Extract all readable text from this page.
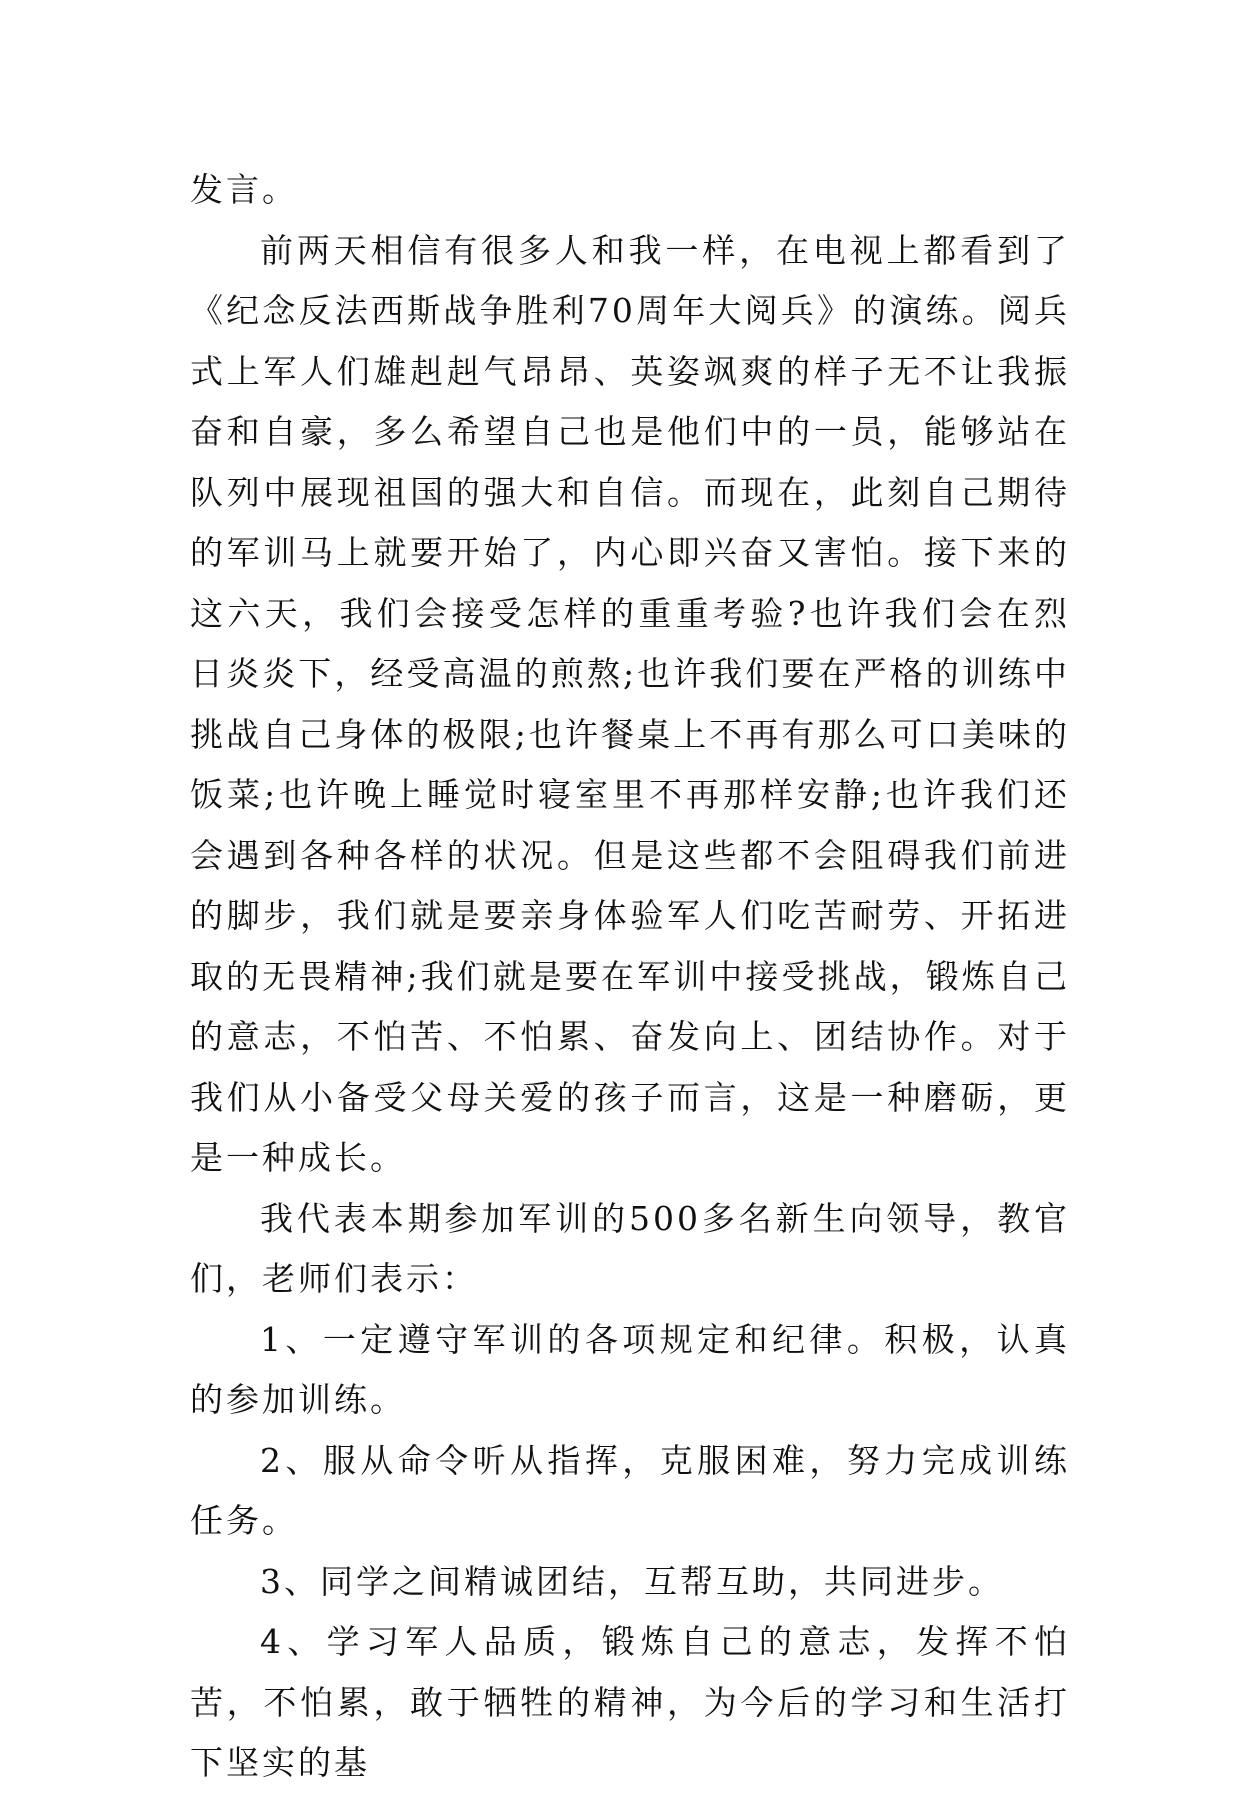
发言。

前两天相信有很多人和我一样，在电视上都看到了《纪念反法西斯战争胜利70周年大阅兵》的演练。阅兵式上军人们雄赳赳气昂昂、英姿飒爽的样子无不让我振奋和自豪，多么希望自己也是他们中的一员，能够站在队列中展现祖国的强大和自信。而现在，此刻自己期待的军训马上就要开始了，内心即兴奋又害怕。接下来的这六天，我们会接受怎样的重重考验?也许我们会在烈日炎炎下，经受高温的煎熬;也许我们要在严格的训练中挑战自己身体的极限;也许餐桌上不再有那么可口美味的饭菜;也许晚上睡觉时寝室里不再那样安静;也许我们还会遇到各种各样的状况。但是这些都不会阻碍我们前进的脚步，我们就是要亲身体验军人们吃苦耐劳、开拓进取的无畏精神;我们就是要在军训中接受挑战，锻炼自己的意志，不怕苦、不怕累、奋发向上、团结协作。对于我们从小备受父母关爱的孩子而言，这是一种磨砺，更是一种成长。

我代表本期参加军训的500多名新生向领导，教官们，老师们表示：

1、一定遵守军训的各项规定和纪律。积极，认真的参加训练。

2、服从命令听从指挥，克服困难，努力完成训练任务。

3、同学之间精诚团结，互帮互助，共同进步。

4、学习军人品质，锻炼自己的意志，发挥不怕苦，不怕累，敢于牺牲的精神，为今后的学习和生活打下坚实的基
